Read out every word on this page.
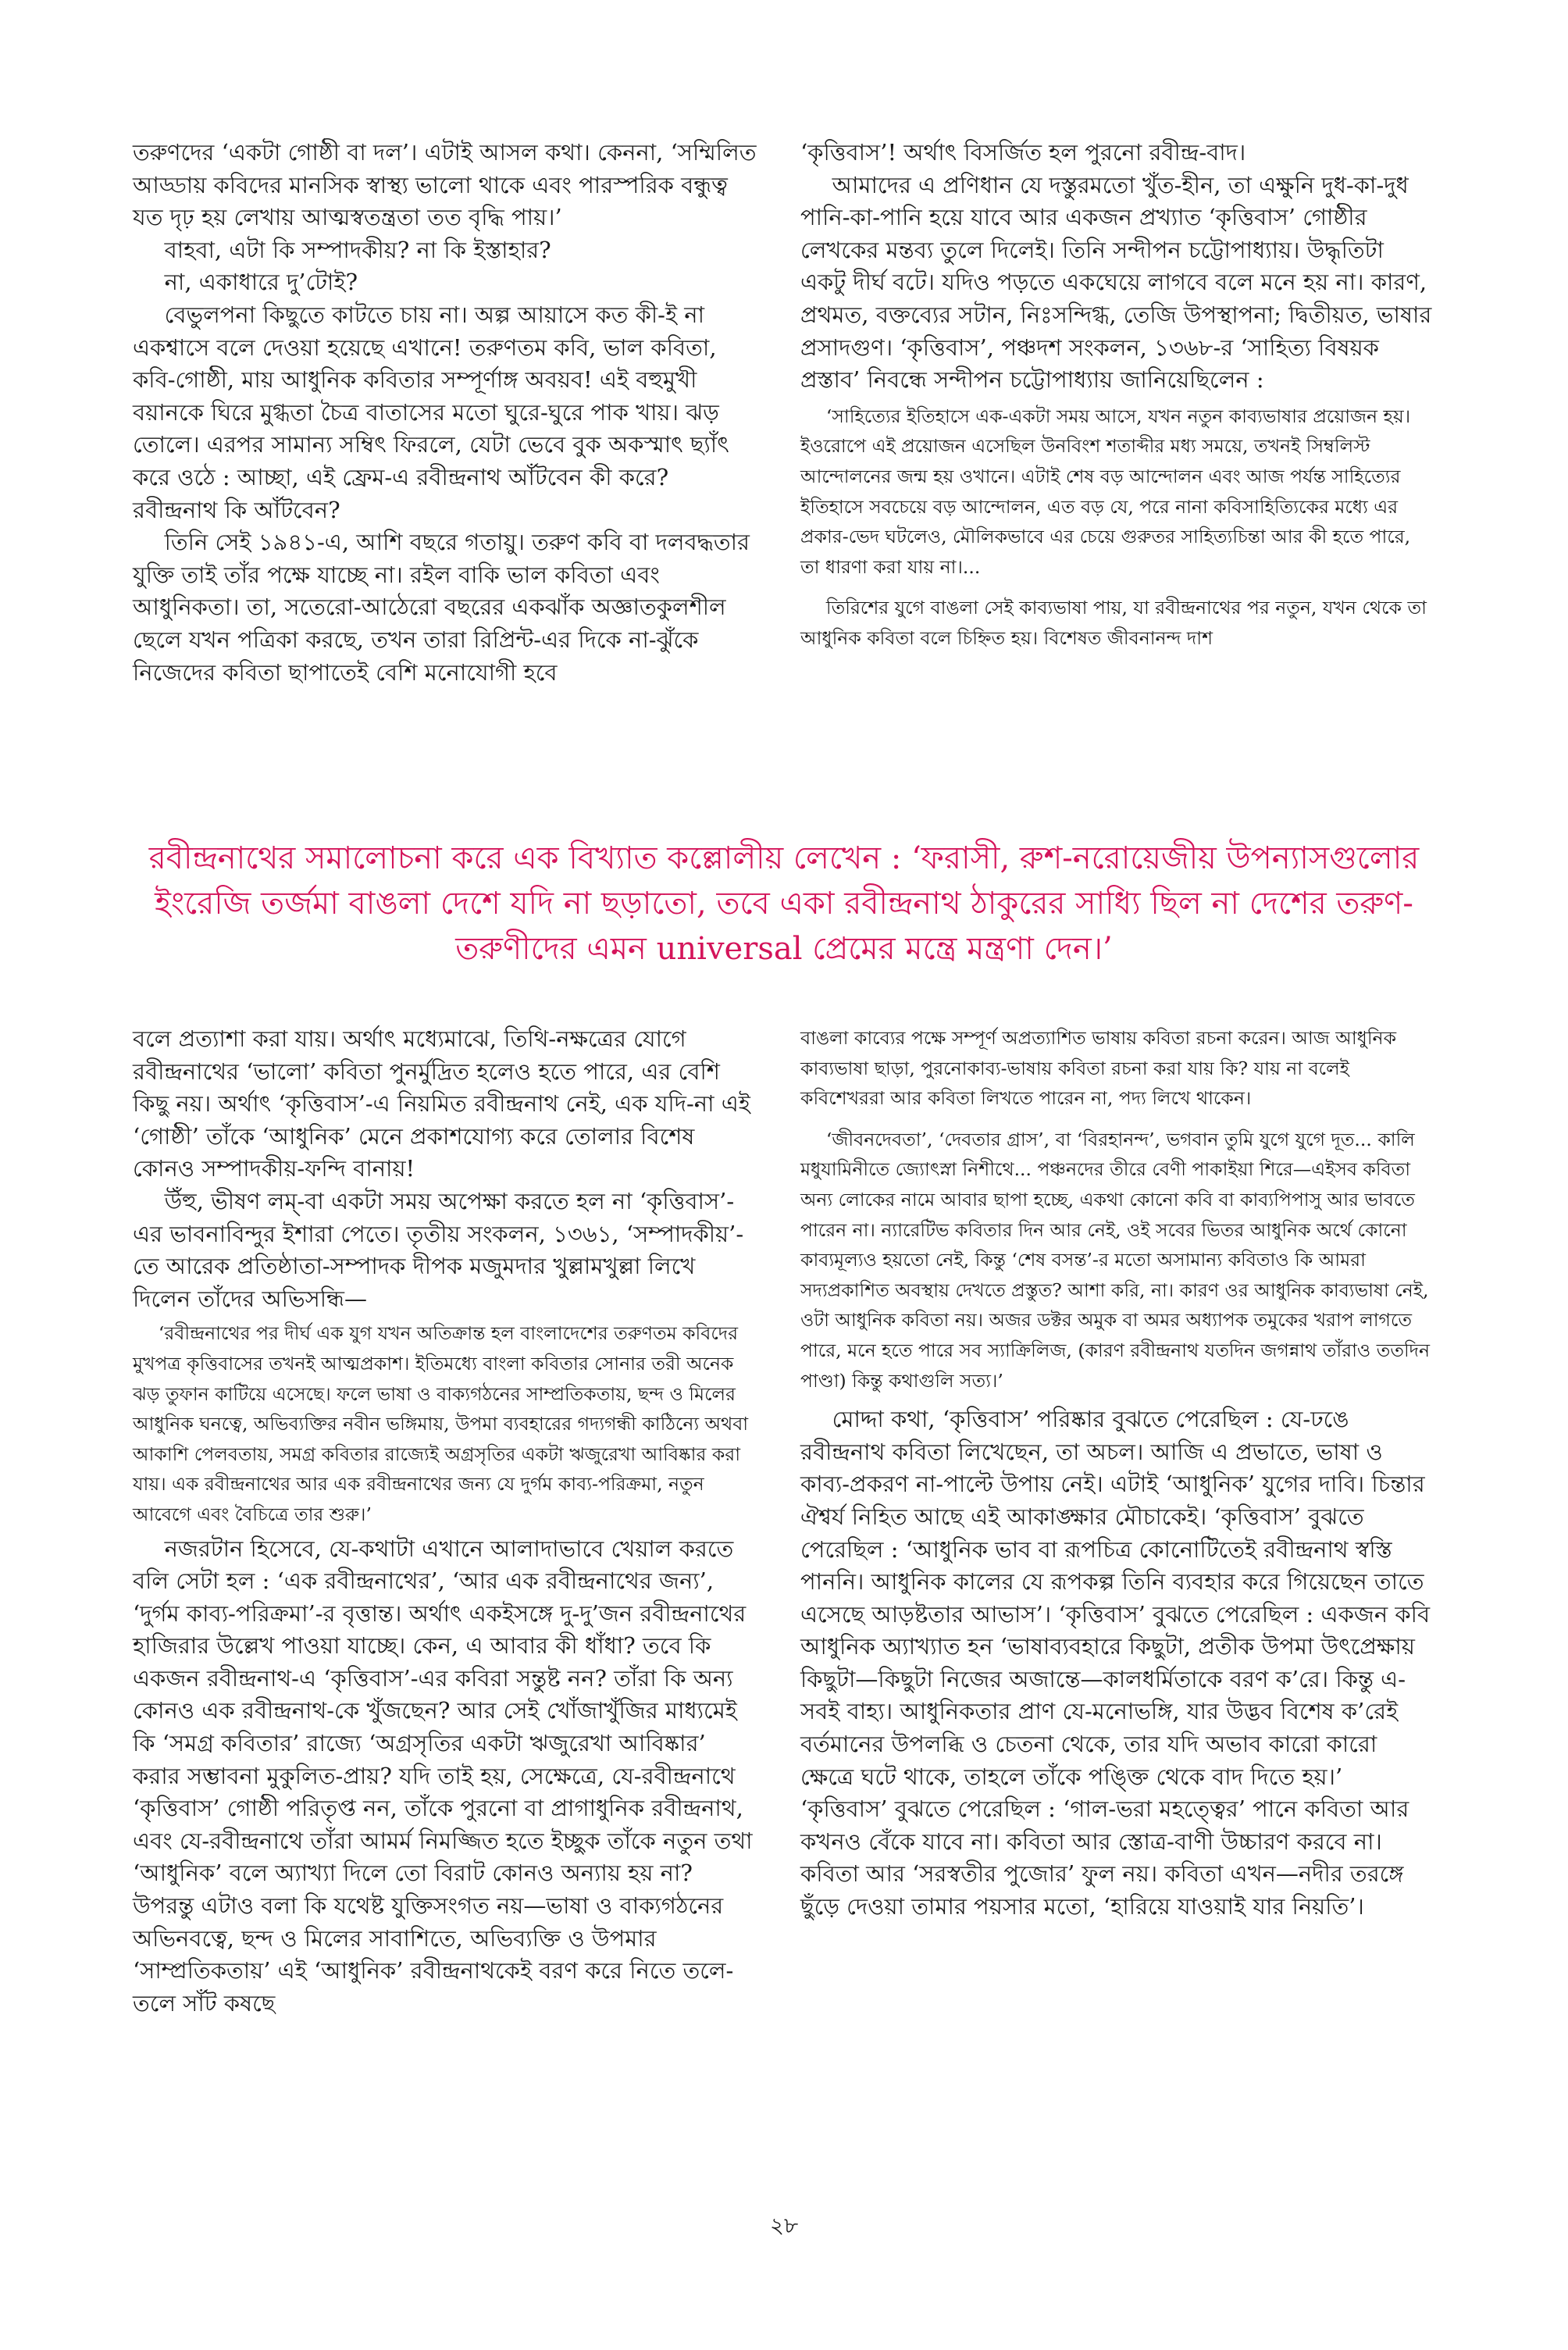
তরুণদের ‘একটা গোষ্ঠী বা দল’। এটাই আসল কথা। কেননা, ‘সম্মিলিত আড্ডায় কবিদের মানসিক স্বাস্থ্য ভালো থাকে এবং পারস্পরিক বন্ধুত্ব যত দৃঢ় হয় লেখায় আত্মস্বতন্ত্রতা তত বৃদ্ধি পায়।’

বাহবা, এটা কি সম্পাদকীয়? না কি ইস্তাহার?

না, একাধারে দু’টোই?

বেভুলপনা কিছুতে কাটতে চায় না। অল্প আয়াসে কত কী-ই না একশ্বাসে বলে দেওয়া হয়েছে এখানে! তরুণতম কবি, ভাল কবিতা, কবি-গোষ্ঠী, মায় আধুনিক কবিতার সম্পূর্ণাঙ্গ অবয়ব! এই বহুমুখী বয়ানকে ঘিরে মুগ্ধতা চৈত্র বাতাসের মতো ঘুরে-ঘুরে পাক খায়। ঝড় তোলে। এরপর সামান্য সম্বিৎ ফিরলে, যেটা ভেবে বুক অকস্মাৎ ছ্যাঁৎ করে ওঠে : আচ্ছা, এই ফ্রেম-এ রবীন্দ্রনাথ আঁটবেন কী করে? রবীন্দ্রনাথ কি আঁটবেন?

তিনি সেই ১৯৪১-এ, আশি বছরে গতায়ু। তরুণ কবি বা দলবদ্ধতার যুক্তি তাই তাঁর পক্ষে যাচ্ছে না। রইল বাকি ভাল কবিতা এবং আধুনিকতা। তা, সতেরো-আঠেরো বছরের একঝাঁক অজ্ঞাতকুলশীল ছেলে যখন পত্রিকা করছে, তখন তারা রিপ্রিন্ট-এর দিকে না-ঝুঁকে নিজেদের কবিতা ছাপাতেই বেশি মনোযোগী হবে

‘কৃত্তিবাস’! অর্থাৎ বিসর্জিত হল পুরনো রবীন্দ্র-বাদ।

আমাদের এ প্রণিধান যে দস্তুরমতো খুঁত-হীন, তা এক্ষুনি দুধ-কা-দুধ পানি-কা-পানি হয়ে যাবে আর একজন প্রখ্যাত ‘কৃত্তিবাস’ গোষ্ঠীর লেখকের মন্তব্য তুলে দিলেই। তিনি সন্দীপন চট্টোপাধ্যায়। উদ্ধৃতিটা একটু দীর্ঘ বটে। যদিও পড়তে একঘেয়ে লাগবে বলে মনে হয় না। কারণ, প্রথমত, বক্তব্যের সটান, নিঃসন্দিগ্ধ, তেজি উপস্থাপনা; দ্বিতীয়ত, ভাষার প্রসাদগুণ। ‘কৃত্তিবাস’, পঞ্চদশ সংকলন, ১৩৬৮-র ‘সাহিত্য বিষয়ক প্রস্তাব’ নিবন্ধে সন্দীপন চট্টোপাধ্যায় জানিয়েছিলেন :

‘সাহিত্যের ইতিহাসে এক-একটা সময় আসে, যখন নতুন কাব্যভাষার প্রয়োজন হয়। ইওরোপে এই প্রয়োজন এসেছিল উনবিংশ শতাব্দীর মধ্য সময়ে, তখনই সিম্বলিস্ট আন্দোলনের জন্ম হয় ওখানে। এটাই শেষ বড় আন্দোলন এবং আজ পর্যন্ত সাহিত্যের ইতিহাসে সবচেয়ে বড় আন্দোলন, এত বড় যে, পরে নানা কবিসাহিত্যিকের মধ্যে এর প্রকার-ভেদ ঘটলেও, মৌলিকভাবে এর চেয়ে গুরুতর সাহিত্যচিন্তা আর কী হতে পারে, তা ধারণা করা যায় না।...

তিরিশের যুগে বাঙলা সেই কাব্যভাষা পায়, যা রবীন্দ্রনাথের পর নতুন, যখন থেকে তা আধুনিক কবিতা বলে চিহ্নিত হয়। বিশেষত জীবনানন্দ দাশ

রবীন্দ্রনাথের সমালোচনা করে এক বিখ্যাত কল্লোলীয় লেখেন : ‘ফরাসী, রুশ-নরোয়েজীয় উপন্যাসগুলোর ইংরেজি তর্জমা বাঙলা দেশে যদি না ছড়াতো, তবে একা রবীন্দ্রনাথ ঠাকুরের সাধ্যি ছিল না দেশের তরুণ-তরুণীদের এমন universal প্রেমের মন্ত্রে মন্ত্রণা দেন।’

বলে প্রত্যাশা করা যায়। অর্থাৎ মধ্যেমাঝে, তিথি-নক্ষত্রের যোগে রবীন্দ্রনাথের ‘ভালো’ কবিতা পুনর্মুদ্রিত হলেও হতে পারে, এর বেশি কিছু নয়। অর্থাৎ ‘কৃত্তিবাস’-এ নিয়মিত রবীন্দ্রনাথ নেই, এক যদি-না এই ‘গোষ্ঠী’ তাঁকে ‘আধুনিক’ মেনে প্রকাশযোগ্য করে তোলার বিশেষ কোনও সম্পাদকীয়-ফন্দি বানায়!

উঁহু, ভীষণ লম্-বা একটা সময় অপেক্ষা করতে হল না ‘কৃত্তিবাস’-এর ভাবনাবিন্দুর ইশারা পেতে। তৃতীয় সংকলন, ১৩৬১, ‘সম্পাদকীয়’-তে আরেক প্রতিষ্ঠাতা-সম্পাদক দীপক মজুমদার খুল্লামখুল্লা লিখে দিলেন তাঁদের অভিসন্ধি—

‘রবীন্দ্রনাথের পর দীর্ঘ এক যুগ যখন অতিক্রান্ত হল বাংলাদেশের তরুণতম কবিদের মুখপত্র কৃত্তিবাসের তখনই আত্মপ্রকাশ। ইতিমধ্যে বাংলা কবিতার সোনার তরী অনেক ঝড় তুফান কাটিয়ে এসেছে। ফলে ভাষা ও বাক্যগঠনের সাম্প্রতিকতায়, ছন্দ ও মিলের আধুনিক ঘনত্বে, অভিব্যক্তির নবীন ভঙ্গিমায়, উপমা ব্যবহারের গদ্যগন্ধী কাঠিন্যে অথবা আকাশি পেলবতায়, সমগ্র কবিতার রাজ্যেই অগ্রসৃতির একটা ঋজুরেখা আবিষ্কার করা যায়। এক রবীন্দ্রনাথের আর এক রবীন্দ্রনাথের জন্য যে দুর্গম কাব্য-পরিক্রমা, নতুন আবেগে এবং বৈচিত্রে তার শুরু।’

নজরটান হিসেবে, যে-কথাটা এখানে আলাদাভাবে খেয়াল করতে বলি সেটা হল : ‘এক রবীন্দ্রনাথের’, ‘আর এক রবীন্দ্রনাথের জন্য’, ‘দুর্গম কাব্য-পরিক্রমা’-র বৃত্তান্ত। অর্থাৎ একইসঙ্গে দু-দু’জন রবীন্দ্রনাথের হাজিরার উল্লেখ পাওয়া যাচ্ছে। কেন, এ আবার কী ধাঁধা? তবে কি একজন রবীন্দ্রনাথ-এ ‘কৃত্তিবাস’-এর কবিরা সন্তুষ্ট নন? তাঁরা কি অন্য কোনও এক রবীন্দ্রনাথ-কে খুঁজছেন? আর সেই খোঁজাখুঁজির মাধ্যমেই কি ‘সমগ্র কবিতার’ রাজ্যে ‘অগ্রসৃতির একটা ঋজুরেখা আবিষ্কার’ করার সম্ভাবনা মুকুলিত-প্রায়? যদি তাই হয়, সেক্ষেত্রে, যে-রবীন্দ্রনাথে ‘কৃত্তিবাস’ গোষ্ঠী পরিতৃপ্ত নন, তাঁকে পুরনো বা প্রাগাধুনিক রবীন্দ্রনাথ, এবং যে-রবীন্দ্রনাথে তাঁরা আমর্ম নিমজ্জিত হতে ইচ্ছুক তাঁকে নতুন তথা ‘আধুনিক’ বলে অ্যাখ্যা দিলে তো বিরাট কোনও অন্যায় হয় না? উপরন্তু এটাও বলা কি যথেষ্ট যুক্তিসংগত নয়—ভাষা ও বাক্যগঠনের অভিনবত্বে, ছন্দ ও মিলের সাবাশিতে, অভিব্যক্তি ও উপমার ‘সাম্প্রতিকতায়’ এই ‘আধুনিক’ রবীন্দ্রনাথকেই বরণ করে নিতে তলে-তলে সাঁট কষছে

বাঙলা কাব্যের পক্ষে সম্পূর্ণ অপ্রত্যাশিত ভাষায় কবিতা রচনা করেন। আজ আধুনিক কাব্যভাষা ছাড়া, পুরনোকাব্য-ভাষায় কবিতা রচনা করা যায় কি? যায় না বলেই কবিশেখররা আর কবিতা লিখতে পারেন না, পদ্য লিখে থাকেন।

‘জীবনদেবতা’, ‘দেবতার গ্রাস’, বা ‘বিরহানন্দ’, ভগবান তুমি যুগে যুগে দূত... কালি মধুযামিনীতে জ্যোৎস্না নিশীথে... পঞ্চনদের তীরে বেণী পাকাইয়া শিরে—এইসব কবিতা অন্য লোকের নামে আবার ছাপা হচ্ছে, একথা কোনো কবি বা কাব্যপিপাসু আর ভাবতে পারেন না। ন্যারেটিভ কবিতার দিন আর নেই, ওই সবের ভিতর আধুনিক অর্থে কোনো কাব্যমূল্যও হয়তো নেই, কিন্তু ‘শেষ বসন্ত’-র মতো অসামান্য কবিতাও কি আমরা সদ্যপ্রকাশিত অবস্থায় দেখতে প্রস্তুত? আশা করি, না। কারণ ওর আধুনিক কাব্যভাষা নেই, ওটা আধুনিক কবিতা নয়। অজর ডক্টর অমুক বা অমর অধ্যাপক তমুকের খরাপ লাগতে পারে, মনে হতে পারে সব স্যাক্রিলিজ, (কারণ রবীন্দ্রনাথ যতদিন জগন্নাথ তাঁরাও ততদিন পাণ্ডা) কিন্তু কথাগুলি সত্য।’

মোদ্দা কথা, ‘কৃত্তিবাস’ পরিষ্কার বুঝতে পেরেছিল : যে-ঢঙে রবীন্দ্রনাথ কবিতা লিখেছেন, তা অচল। আজি এ প্রভাতে, ভাষা ও কাব্য-প্রকরণ না-পাল্টে উপায় নেই। এটাই ‘আধুনিক’ যুগের দাবি। চিন্তার ঐশ্বর্য নিহিত আছে এই আকাঙ্ক্ষার মৌচাকেই। ‘কৃত্তিবাস’ বুঝতে পেরেছিল : ‘আধুনিক ভাব বা রূপচিত্র কোনোটিতেই রবীন্দ্রনাথ স্বস্তি পাননি। আধুনিক কালের যে রূপকল্প তিনি ব্যবহার করে গিয়েছেন তাতে এসেছে আড়ষ্টতার আভাস’। ‘কৃত্তিবাস’ বুঝতে পেরেছিল : একজন কবি আধুনিক অ্যাখ্যাত হন ‘ভাষাব্যবহারে কিছুটা, প্রতীক উপমা উৎপ্রেক্ষায় কিছুটা—কিছুটা নিজের অজান্তে—কালধর্মিতাকে বরণ ক’রে। কিন্তু এ-সবই বাহ্য। আধুনিকতার প্রাণ যে-মনোভঙ্গি, যার উদ্ভব বিশেষ ক’রেই বর্তমানের উপলব্ধি ও চেতনা থেকে, তার যদি অভাব কারো কারো ক্ষেত্রে ঘটে থাকে, তাহলে তাঁকে পঙ্ক্তি থেকে বাদ দিতে হয়।’ ‘কৃত্তিবাস’ বুঝতে পেরেছিল : ‘গাল-ভরা মহত্ত্বের’ পানে কবিতা আর কখনও বেঁকে যাবে না। কবিতা আর স্তোত্র-বাণী উচ্চারণ করবে না। কবিতা আর ‘সরস্বতীর পুজোর’ ফুল নয়। কবিতা এখন—নদীর তরঙ্গে ছুঁড়ে দেওয়া তামার পয়সার মতো, ‘হারিয়ে যাওয়াই যার নিয়তি’।

২৮
